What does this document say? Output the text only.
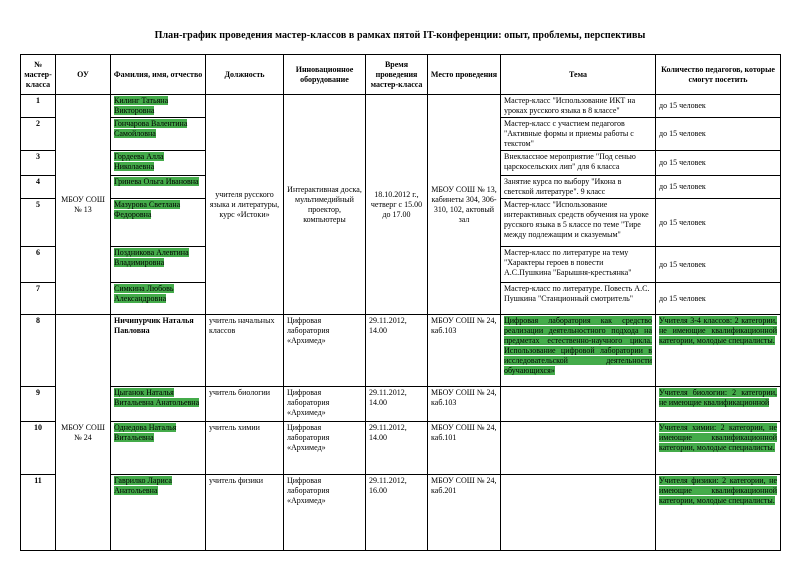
План-график проведения мастер-классов в рамках пятой IT-конференции: опыт, проблемы, перспективы
№ мастер-класса	ОУ	Фамилия, имя, отчество	Должность	Инновационное оборудование	Время проведения мастер-класса	Место проведения	Тема	Количество педагогов, которые смогут посетить
1	МБОУ СОШ № 13	Килинг Татьяна Викторовна	учителя русского языка и литературы, курс «Истоки»	Интерактивная доска, мультимедийный проектор, компьютеры	18.10.2012 г., четверг с 15.00 до 17.00	МБОУ СОШ № 13, кабинеты 304, 306-310, 102, актовый зал	Мастер-класс "Использование ИКТ на уроках русского языка в 8 классе"	до 15 человек
2		Гончарова Валентина Самойловна					Мастер-класс с участием педагогов "Активные формы и приемы работы с текстом"	до 15 человек
3		Гордеева Алла Николаевна					Внеклассное мероприятие "Под сенью царскосельских лип" для 6 класса	до 15 человек
4		Гринева Ольга Ивановна					Занятие курса по выбору "Икона в светской литературе". 9 класс	до 15 человек
5		Мазурова Светлана Федоровна					Мастер-класс "Использование интерактивных средств обучения на уроке русского языка в 5 классе по теме "Тире между подлежащим и сказуемым"	до 15 человек
6		Поздникова Алевтина Владимировна					Мастер-класс по литературе на тему "Характеры героев в повести А.С.Пушкина "Барышня-крестьянка"	до 15 человек
7		Симкина Любовь Александровна					Мастер-класс по литературе. Повесть А.С. Пушкина "Станционный смотритель"	до 15 человек
8	МБОУ СОШ № 24	Ничипурчик Наталья Павловна	учитель начальных классов	Цифровая лаборатория «Архимед»	29.11.2012, 14.00	МБОУ СОШ № 24, каб.103	Цифровая лаборатория как средство реализации деятельностного подхода на предметах естественно-научного цикла. Использование цифровой лаборатории в исследовательской деятельности обучающихся»	Учителя 3-4 классов: 2 категории, не имеющие квалификационной категории, молодые специалисты.
9		Цыганок Наталья Витальевна Анатольевна	учитель биологии	Цифровая лаборатория «Архимед»	29.11.2012, 14.00	МБОУ СОШ № 24, каб.103		Учителя биологии: 2 категории, не имеющие квалификационной
10		Однедова Наталья Витальевна	учитель химии	Цифровая лаборатория «Архимед»	29.11.2012, 14.00	МБОУ СОШ № 24, каб.101		Учителя химии: 2 категории, не имеющие квалификационной категории, молодые специалисты.
11		Гаврилко Лариса Анатольевна	учитель физики	Цифровая лаборатория «Архимед»	29.11.2012, 16.00	МБОУ СОШ № 24, каб.201		Учителя физики: 2 категории, не имеющие квалификационной категории, молодые специалисты.
